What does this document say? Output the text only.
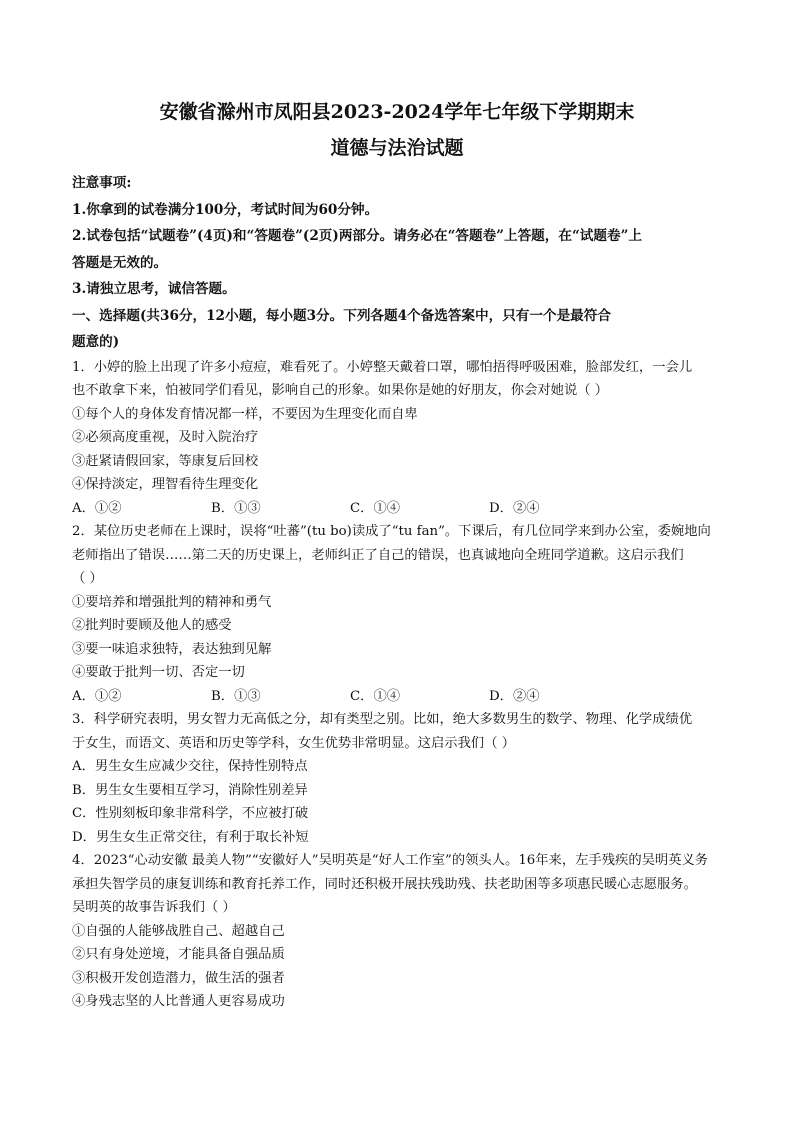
安徽省滁州市凤阳县2023-2024学年七年级下学期期末
道德与法治试题
注意事项:
1.你拿到的试卷满分100分，考试时间为60分钟。
2.试卷包括“试题卷”(4页)和“答题卷”(2页)两部分。请务必在“答题卷”上答题，在“试题卷”上
答题是无效的。
3.请独立思考，诚信答题。
一、选择题(共36分，12小题，每小题3分。下列各题4个备选答案中，只有一个是最符合
题意的)
1．小婷的脸上出现了许多小痘痘，难看死了。小婷整天戴着口罩，哪怕捂得呼吸困难，脸部发红，一会儿
也不敢拿下来，怕被同学们看见，影响自己的形象。如果你是她的好朋友，你会对她说（ ）
①每个人的身体发育情况都一样，不要因为生理变化而自卑
②必须高度重视，及时入院治疗
③赶紧请假回家，等康复后回校
④保持淡定，理智看待生理变化
A．①②	B．①③	C．①④	D．②④
2．某位历史老师在上课时，误将“吐蕃”(tu bo)读成了“tu fan”。下课后，有几位同学来到办公室，委婉地向
老师指出了错误……第二天的历史课上，老师纠正了自己的错误，也真诚地向全班同学道歉。这启示我们
（ ）
①要培养和增强批判的精神和勇气
②批判时要顾及他人的感受
③要一味追求独特，表达独到见解
④要敢于批判一切、否定一切
A．①②	B．①③	C．①④	D．②④
3．科学研究表明，男女智力无高低之分，却有类型之别。比如，绝大多数男生的数学、物理、化学成绩优
于女生，而语文、英语和历史等学科，女生优势非常明显。这启示我们（ ）
A．男生女生应减少交往，保持性别特点
B．男生女生要相互学习，消除性别差异
C．性别刻板印象非常科学，不应被打破
D．男生女生正常交往，有利于取长补短
4．2023“心动安徽 最美人物”“安徽好人”吴明英是“好人工作室”的领头人。16年来，左手残疾的吴明英义务
承担失智学员的康复训练和教育托养工作，同时还积极开展扶残助残、扶老助困等多项惠民暖心志愿服务。
吴明英的故事告诉我们（ ）
①自强的人能够战胜自己、超越自己
②只有身处逆境，才能具备自强品质
③积极开发创造潜力，做生活的强者
④身残志坚的人比普通人更容易成功
